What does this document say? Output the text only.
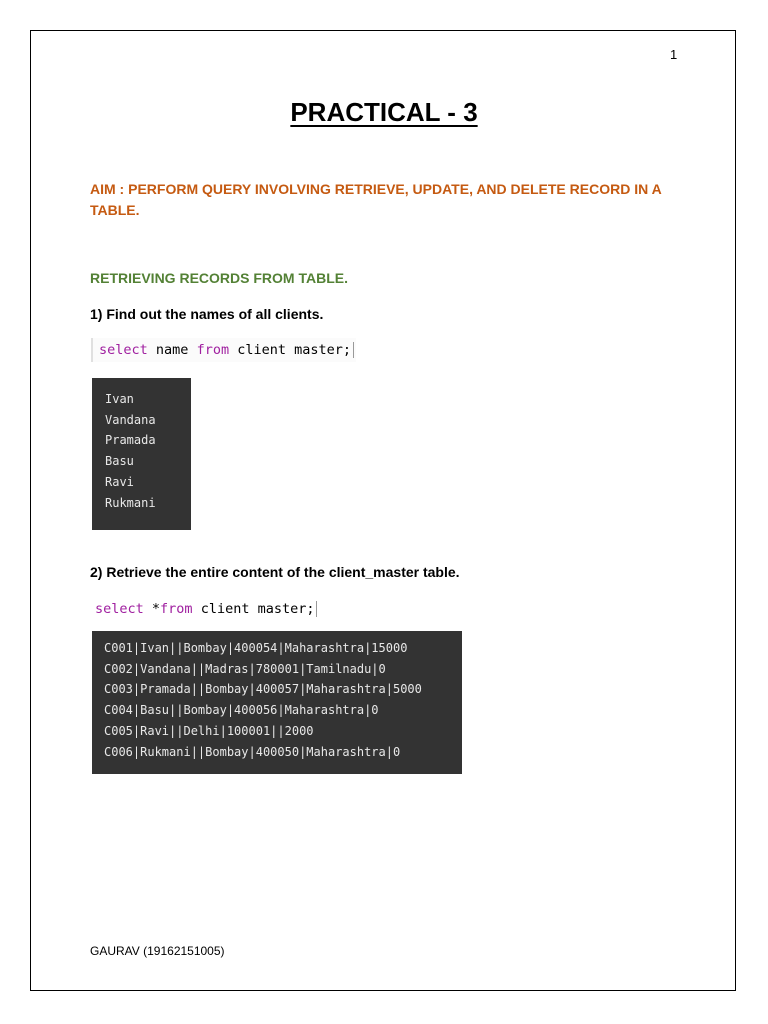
1
PRACTICAL - 3
AIM : PERFORM QUERY INVOLVING RETRIEVE, UPDATE, AND DELETE RECORD IN A TABLE.
RETRIEVING RECORDS FROM TABLE.
1) Find out the names of all clients.
select name from client master;
Ivan
Vandana
Pramada
Basu
Ravi
Rukmani
2) Retrieve the entire content of the client_master table.
select *from client master;
C001|Ivan||Bombay|400054|Maharashtra|15000
C002|Vandana||Madras|780001|Tamilnadu|0
C003|Pramada||Bombay|400057|Maharashtra|5000
C004|Basu||Bombay|400056|Maharashtra|0
C005|Ravi||Delhi|100001||2000
C006|Rukmani||Bombay|400050|Maharashtra|0
GAURAV (19162151005)
